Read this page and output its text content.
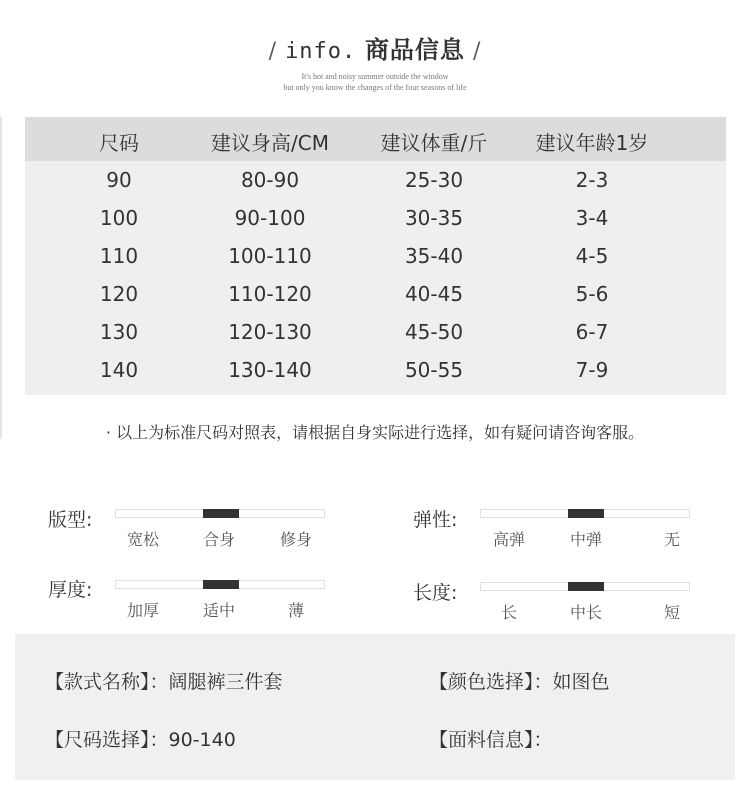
/ info. 商品信息 /
It's hot and noisy summer outside the window
but only you know the changes of the four seasons of life
尺码	建议身高/CM	建议体重/斤	建议年龄1岁
90	80-90	25-30	2-3
100	90-100	30-35	3-4
110	100-110	35-40	4-5
120	110-120	40-45	5-6
130	120-130	45-50	6-7
140	130-140	50-55	7-9
· 以上为标准尺码对照表，请根据自身实际进行选择，如有疑问请咨询客服。
版型:
宽松	合身	修身
弹性:
高弹	中弹	无
厚度:
加厚	适中	薄
长度:
长	中长	短
【款式名称】：阔腿裤三件套	【颜色选择】：如图色
【尺码选择】：90-140	【面料信息】：
